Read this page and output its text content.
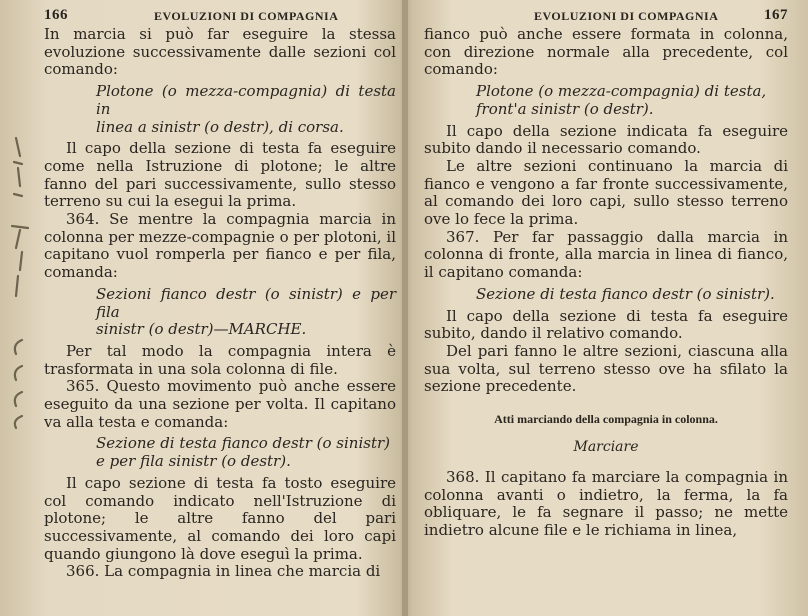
166	EVOLUZIONI DI COMPAGNIA

In marcia si può far eseguire la stessa evoluzione successivamente dalle sezioni col comando:

Plotone (o mezza-compagnia) di testa in
linea a sinistr (o destr), di corsa.

Il capo della sezione di testa fa eseguire come nella Istruzione di plotone; le altre fanno del pari successivamente, sullo stesso terreno su cui la esegui la prima.

364. Se mentre la compagnia marcia in colonna per mezze-compagnie o per plotoni, il capitano vuol romperla per fianco e per fila, comanda:

Sezioni fianco destr (o sinistr) e per fila
sinistr (o destr)—MARCHE.

Per tal modo la compagnia intera è trasformata in una sola colonna di file.

365. Questo movimento può anche essere eseguito da una sezione per volta. Il capitano va alla testa e comanda:

Sezione di testa fianco destr (o sinistr)
e per fila sinistr (o destr).

Il capo sezione di testa fa tosto eseguire col comando indicato nell'Istruzione di plotone; le altre fanno del pari successivamente, al comando dei loro capi quando giungono là dove eseguì la prima.

366. La compagnia in linea che marcia di

EVOLUZIONI DI COMPAGNIA	167

fianco può anche essere formata in colonna, con direzione normale alla precedente, col comando:

Plotone (o mezza-compagnia) di testa,
front'a sinistr (o destr).

Il capo della sezione indicata fa eseguire subito dando il necessario comando.

Le altre sezioni continuano la marcia di fianco e vengono a far fronte successivamente, al comando dei loro capi, sullo stesso terreno ove lo fece la prima.

367. Per far passaggio dalla marcia in colonna di fronte, alla marcia in linea di fianco, il capitano comanda:

Sezione di testa fianco destr (o sinistr).

Il capo della sezione di testa fa eseguire subito, dando il relativo comando.

Del pari fanno le altre sezioni, ciascuna alla sua volta, sul terreno stesso ove ha sfilato la sezione precedente.

Atti marciando della compagnia in colonna.
Marciare

368. Il capitano fa marciare la compagnia in colonna avanti o indietro, la ferma, la fa obliquare, le fa segnare il passo; ne mette indietro alcune file e le richiama in linea,
